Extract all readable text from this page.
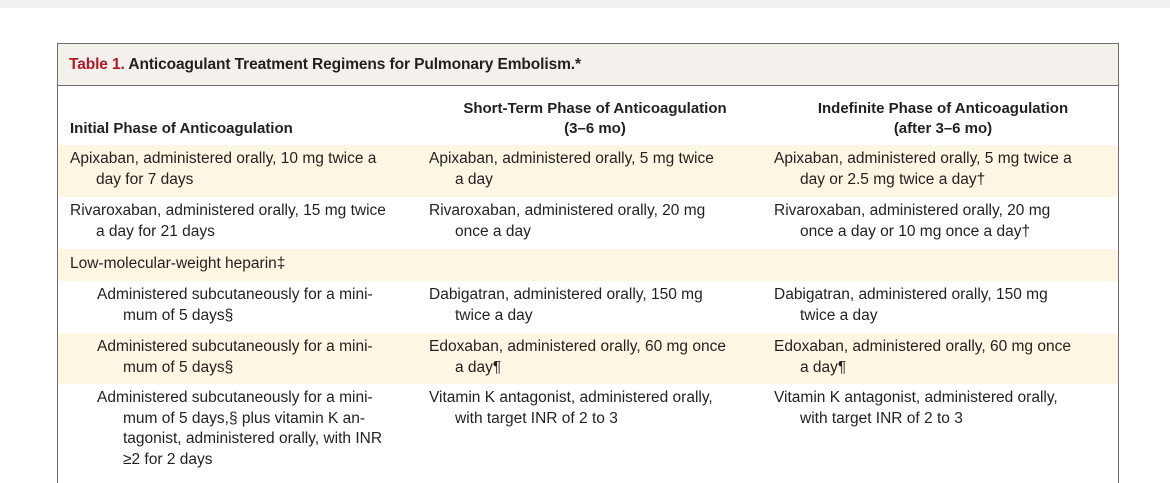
Table 1. Anticoagulant Treatment Regimens for Pulmonary Embolism.*
Initial Phase of Anticoagulation
Short-Term Phase of Anticoagulation
(3–6 mo)
Indefinite Phase of Anticoagulation
(after 3–6 mo)
Apixaban, administered orally, 10 mg twice a
day for 7 days
Apixaban, administered orally, 5 mg twice
a day
Apixaban, administered orally, 5 mg twice a
day or 2.5 mg twice a day†
Rivaroxaban, administered orally, 15 mg twice
a day for 21 days
Rivaroxaban, administered orally, 20 mg
once a day
Rivaroxaban, administered orally, 20 mg
once a day or 10 mg once a day†
Low-molecular-weight heparin‡
Administered subcutaneously for a mini-
mum of 5 days§
Dabigatran, administered orally, 150 mg
twice a day
Dabigatran, administered orally, 150 mg
twice a day
Administered subcutaneously for a mini-
mum of 5 days§
Edoxaban, administered orally, 60 mg once
a day¶
Edoxaban, administered orally, 60 mg once
a day¶
Administered subcutaneously for a mini-
mum of 5 days,§ plus vitamin K an-
tagonist, administered orally, with INR
≥2 for 2 days
Vitamin K antagonist, administered orally,
with target INR of 2 to 3
Vitamin K antagonist, administered orally,
with target INR of 2 to 3
